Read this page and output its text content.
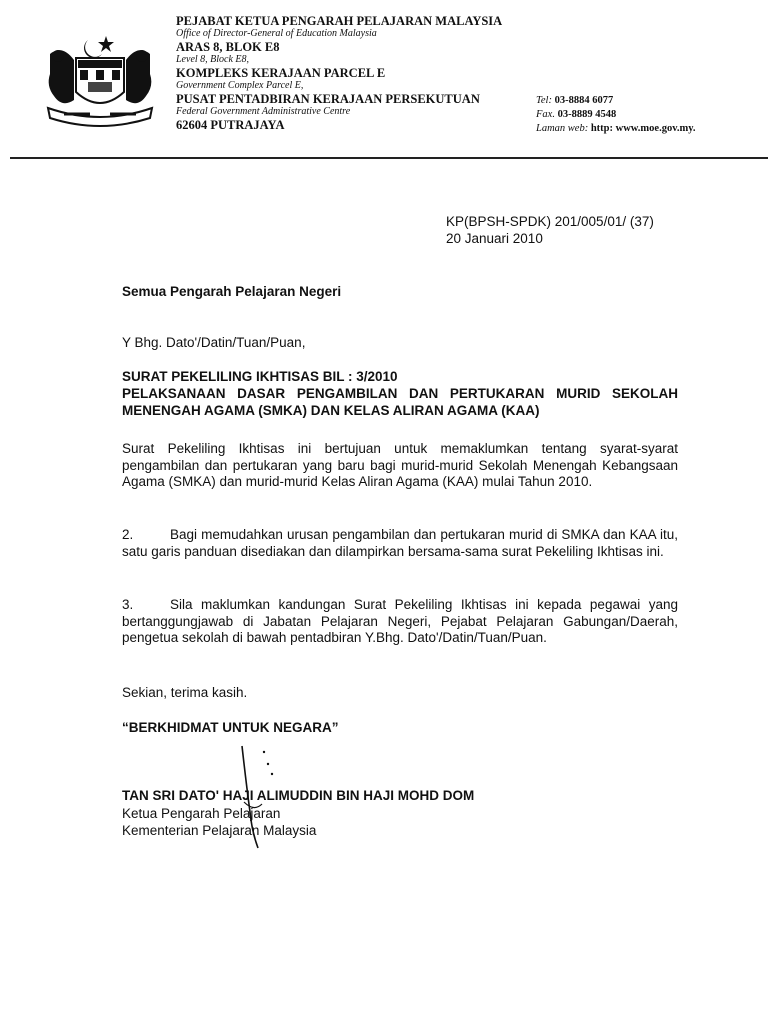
PEJABAT KETUA PENGARAH PELAJARAN MALAYSIA
Office of Director-General of Education Malaysia
ARAS 8, BLOK E8
Level 8, Block E8,
KOMPLEKS KERAJAAN PARCEL E
Government Complex Parcel E,
PUSAT PENTADBIRAN KERAJAAN PERSEKUTUAN
Federal Government Administrative Centre
62604 PUTRAJAYA
Tel: 03-8884 6077
Fax. 03-8889 4548
Laman web: http: www.moe.gov.my.
KP(BPSH-SPDK) 201/005/01/ (37)
20 Januari 2010
Semua Pengarah Pelajaran Negeri
Y Bhg. Dato'/Datin/Tuan/Puan,
SURAT PEKELILING IKHTISAS BIL : 3/2010
PELAKSANAAN DASAR PENGAMBILAN DAN PERTUKARAN MURID SEKOLAH MENENGAH AGAMA (SMKA) DAN KELAS ALIRAN AGAMA (KAA)
Surat Pekeliling Ikhtisas ini bertujuan untuk memaklumkan tentang syarat-syarat pengambilan dan pertukaran yang baru bagi murid-murid Sekolah Menengah Kebangsaan Agama (SMKA) dan murid-murid Kelas Aliran Agama (KAA) mulai Tahun 2010.
2.	Bagi memudahkan urusan pengambilan dan pertukaran murid di SMKA dan KAA itu, satu garis panduan disediakan dan dilampirkan bersama-sama surat Pekeliling Ikhtisas ini.
3.	Sila maklumkan kandungan Surat Pekeliling Ikhtisas ini kepada pegawai yang bertanggungjawab di Jabatan Pelajaran Negeri, Pejabat Pelajaran Gabungan/Daerah, pengetua sekolah di bawah pentadbiran Y.Bhg. Dato'/Datin/Tuan/Puan.
Sekian, terima kasih.
“BERKHIDMAT UNTUK NEGARA”
TAN SRI DATO' HAJI ALIMUDDIN BIN HAJI MOHD DOM
Ketua Pengarah Pelajaran
Kementerian Pelajaran Malaysia
